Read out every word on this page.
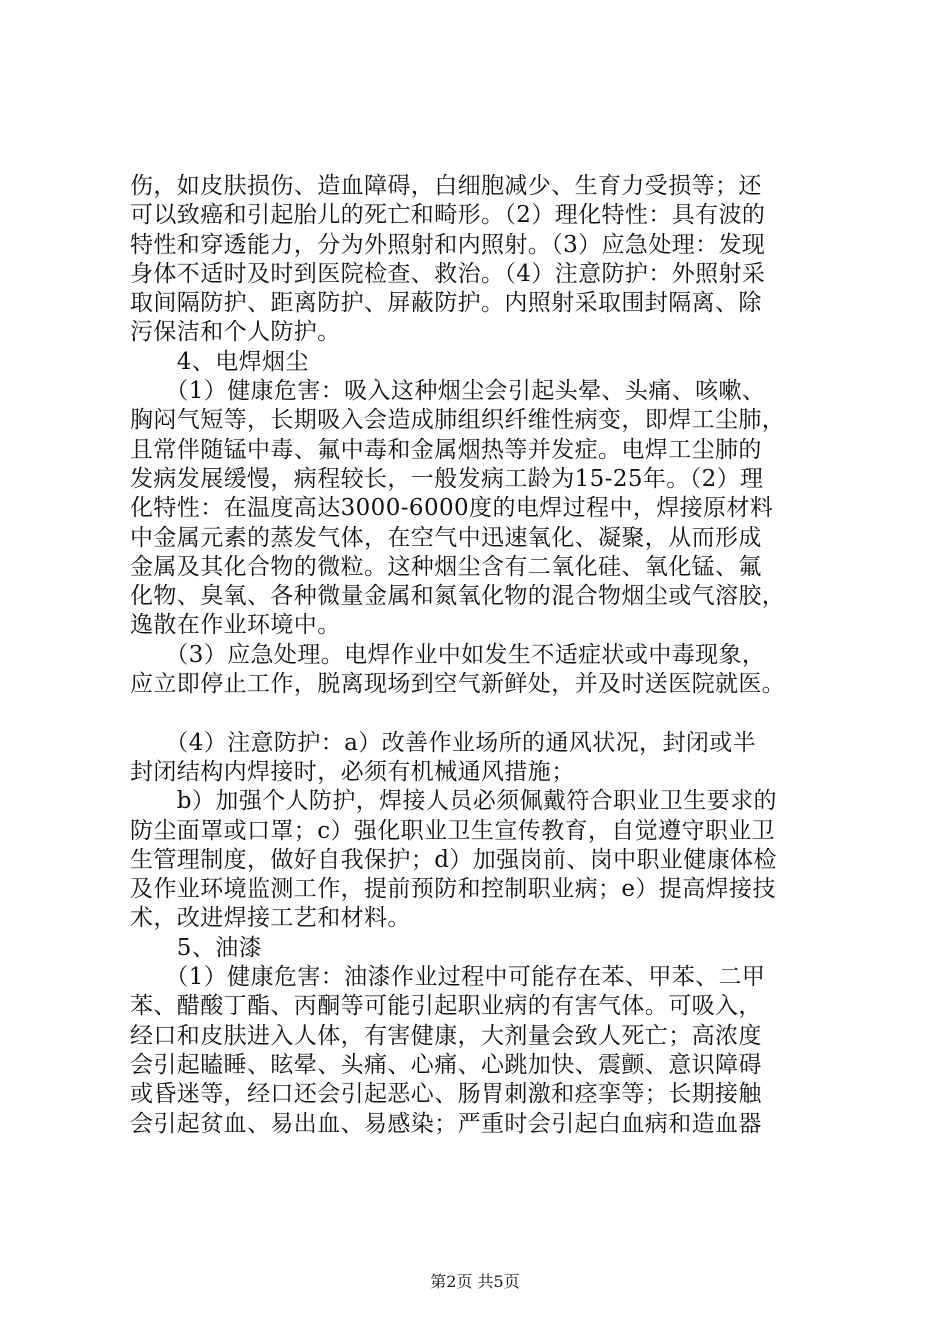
伤，如皮肤损伤、造血障碍，白细胞减少、生育力受损等；还
可以致癌和引起胎儿的死亡和畸形。（2）理化特性：具有波的
特性和穿透能力，分为外照射和内照射。（3）应急处理：发现
身体不适时及时到医院检查、救治。（4）注意防护：外照射采
取间隔防护、距离防护、屏蔽防护。内照射采取围封隔离、除
污保洁和个人防护。
　　4、电焊烟尘
　　（1）健康危害：吸入这种烟尘会引起头晕、头痛、咳嗽、
胸闷气短等，长期吸入会造成肺组织纤维性病变，即焊工尘肺，
且常伴随锰中毒、氟中毒和金属烟热等并发症。电焊工尘肺的
发病发展缓慢，病程较长，一般发病工龄为15-25年。（2）理
化特性：在温度高达3000-6000度的电焊过程中，焊接原材料
中金属元素的蒸发气体，在空气中迅速氧化、凝聚，从而形成
金属及其化合物的微粒。这种烟尘含有二氧化硅、氧化锰、氟
化物、臭氧、各种微量金属和氮氧化物的混合物烟尘或气溶胶，
逸散在作业环境中。
　　（3）应急处理。电焊作业中如发生不适症状或中毒现象，
应立即停止工作，脱离现场到空气新鲜处，并及时送医院就医。
　　（4）注意防护：a）改善作业场所的通风状况，封闭或半
封闭结构内焊接时，必须有机械通风措施；
　　b）加强个人防护，焊接人员必须佩戴符合职业卫生要求的
防尘面罩或口罩；c）强化职业卫生宣传教育，自觉遵守职业卫
生管理制度，做好自我保护；d）加强岗前、岗中职业健康体检
及作业环境监测工作，提前预防和控制职业病；e）提高焊接技
术，改进焊接工艺和材料。
　　5、油漆
　　（1）健康危害：油漆作业过程中可能存在苯、甲苯、二甲
苯、醋酸丁酯、丙酮等可能引起职业病的有害气体。可吸入，
经口和皮肤进入人体，有害健康，大剂量会致人死亡；高浓度
会引起瞌睡、眩晕、头痛、心痛、心跳加快、震颤、意识障碍
或昏迷等，经口还会引起恶心、肠胃刺激和痉挛等；长期接触
会引起贫血、易出血、易感染；严重时会引起白血病和造血器
第2页 共5页
